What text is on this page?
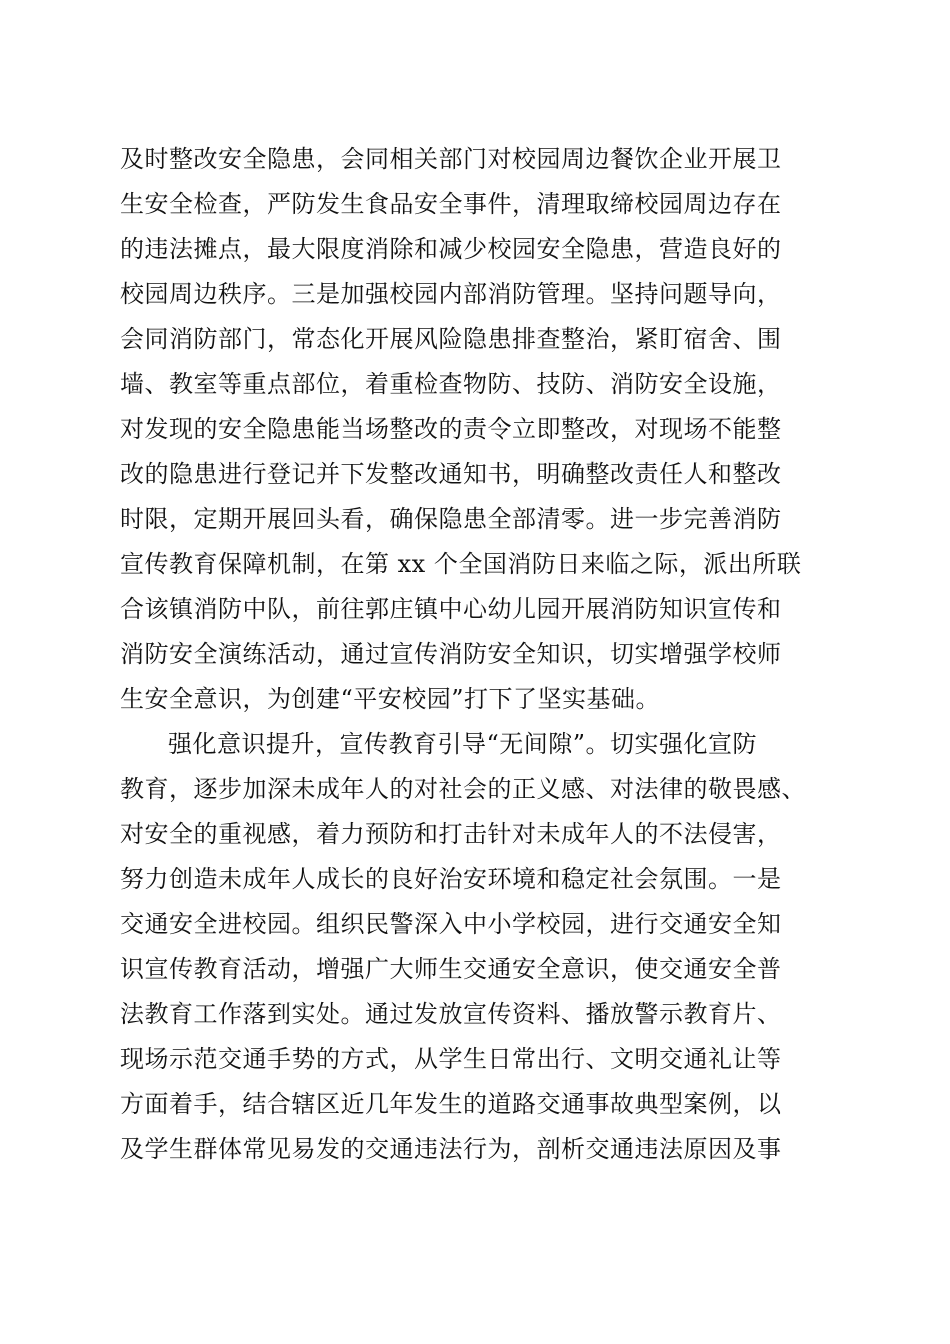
及时整改安全隐患，会同相关部门对校园周边餐饮企业开展卫
生安全检查，严防发生食品安全事件，清理取缔校园周边存在
的违法摊点，最大限度消除和减少校园安全隐患，营造良好的
校园周边秩序。三是加强校园内部消防管理。坚持问题导向，
会同消防部门，常态化开展风险隐患排查整治，紧盯宿舍、围
墙、教室等重点部位，着重检查物防、技防、消防安全设施，
对发现的安全隐患能当场整改的责令立即整改，对现场不能整
改的隐患进行登记并下发整改通知书，明确整改责任人和整改
时限，定期开展回头看，确保隐患全部清零。进一步完善消防
宣传教育保障机制，在第 xx 个全国消防日来临之际，派出所联
合该镇消防中队，前往郭庄镇中心幼儿园开展消防知识宣传和
消防安全演练活动，通过宣传消防安全知识，切实增强学校师
生安全意识，为创建“平安校园”打下了坚实基础。
强化意识提升，宣传教育引导“无间隙”。切实强化宣防
教育，逐步加深未成年人的对社会的正义感、对法律的敬畏感、
对安全的重视感，着力预防和打击针对未成年人的不法侵害，
努力创造未成年人成长的良好治安环境和稳定社会氛围。一是
交通安全进校园。组织民警深入中小学校园，进行交通安全知
识宣传教育活动，增强广大师生交通安全意识，使交通安全普
法教育工作落到实处。通过发放宣传资料、播放警示教育片、
现场示范交通手势的方式，从学生日常出行、文明交通礼让等
方面着手，结合辖区近几年发生的道路交通事故典型案例，以
及学生群体常见易发的交通违法行为，剖析交通违法原因及事
